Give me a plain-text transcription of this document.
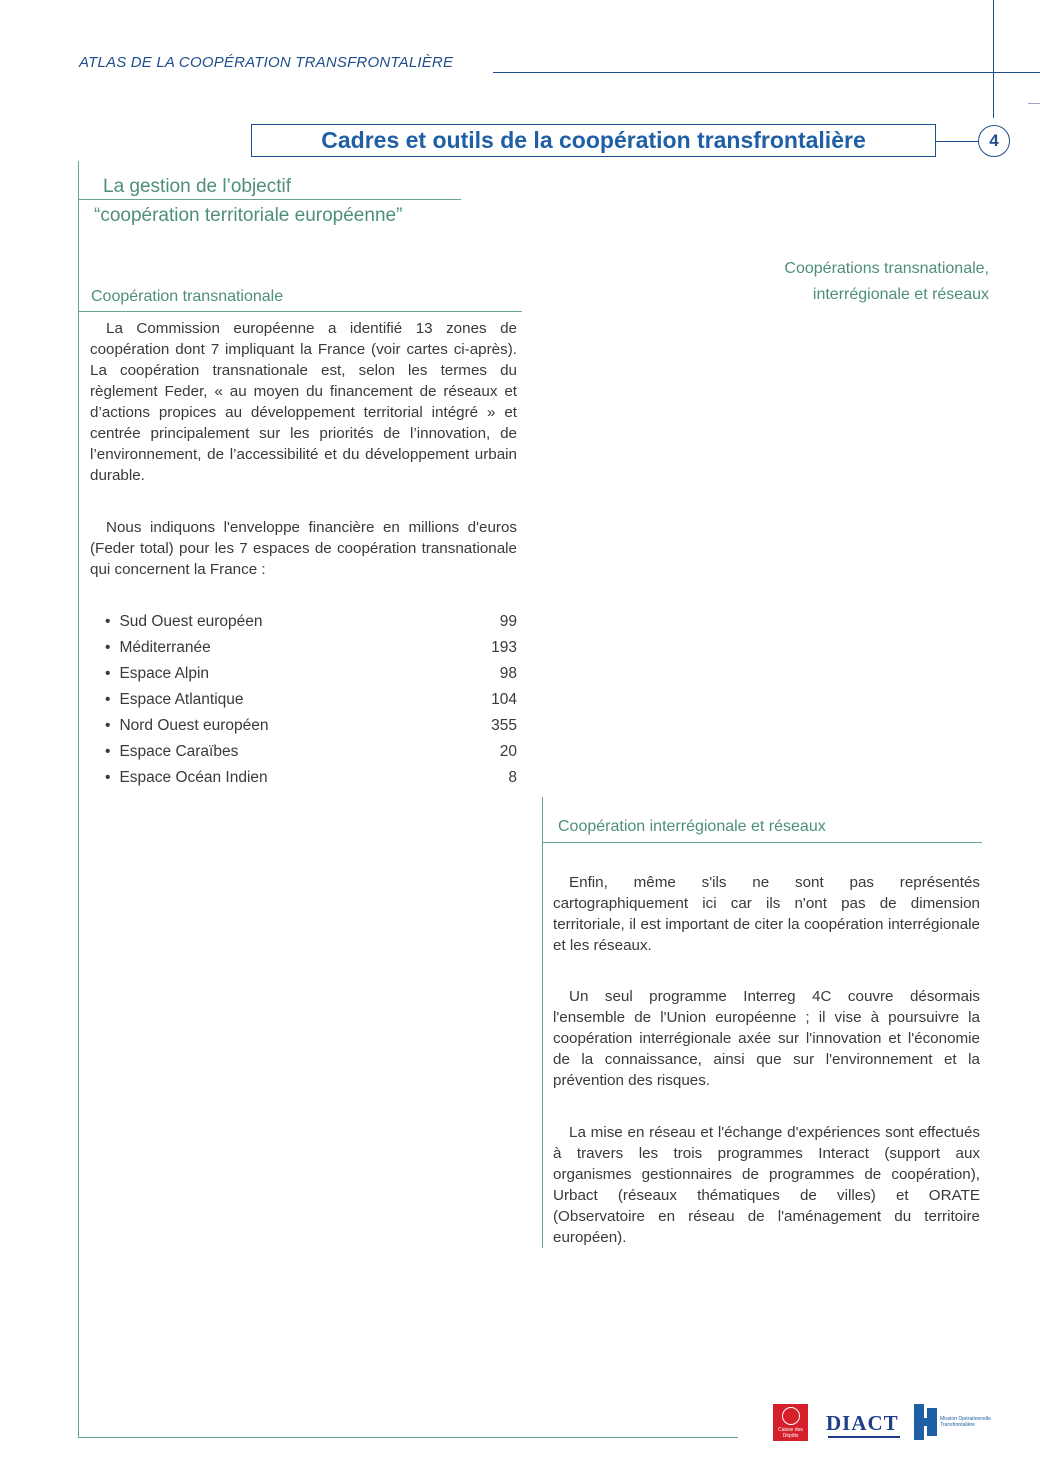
ATLAS DE LA COOPÉRATION TRANSFRONTALIÈRE
Cadres et outils de la coopération transfrontalière	4
La gestion de l’objectif
“coopération territoriale européenne”
Coopérations transnationale,
interrégionale et réseaux
Coopération transnationale

La Commission européenne a identifié 13 zones de coopération dont 7 impliquant la France (voir cartes ci-après). La coopération transnationale est, selon les termes du règlement Feder, « au moyen du financement de réseaux et d’actions propices au développement territorial intégré » et centrée principalement sur les priorités de l’innovation, de l’environnement, de l’accessibilité et du développement urbain durable.

Nous indiquons l'enveloppe financière en millions d'euros (Feder total) pour les 7 espaces de coopération transnationale qui concernent la France :

• Sud Ouest européen	99
• Méditerranée	193
• Espace Alpin	98
• Espace Atlantique	104
• Nord Ouest européen	355
• Espace Caraïbes	20
• Espace Océan Indien	8
Coopération interrégionale et réseaux

Enfin, même s'ils ne sont pas représentés cartographiquement ici car ils n'ont pas de dimension territoriale, il est important de citer la coopération interrégionale et les réseaux.

Un seul programme Interreg 4C couvre désormais l'ensemble de l'Union européenne ; il vise à poursuivre la coopération interrégionale axée sur l'innovation et l'économie de la connaissance, ainsi que sur l'environnement et la prévention des risques.

La mise en réseau et l'échange d'expériences sont effectués à travers les trois programmes Interact (support aux organismes gestionnaires de programmes de coopération), Urbact (réseaux thématiques de villes) et ORATE (Observatoire en réseau de l'aménagement du territoire européen).

Caisse des Dépôts
DIACT	Mission Opérationnelle Transfrontalière
